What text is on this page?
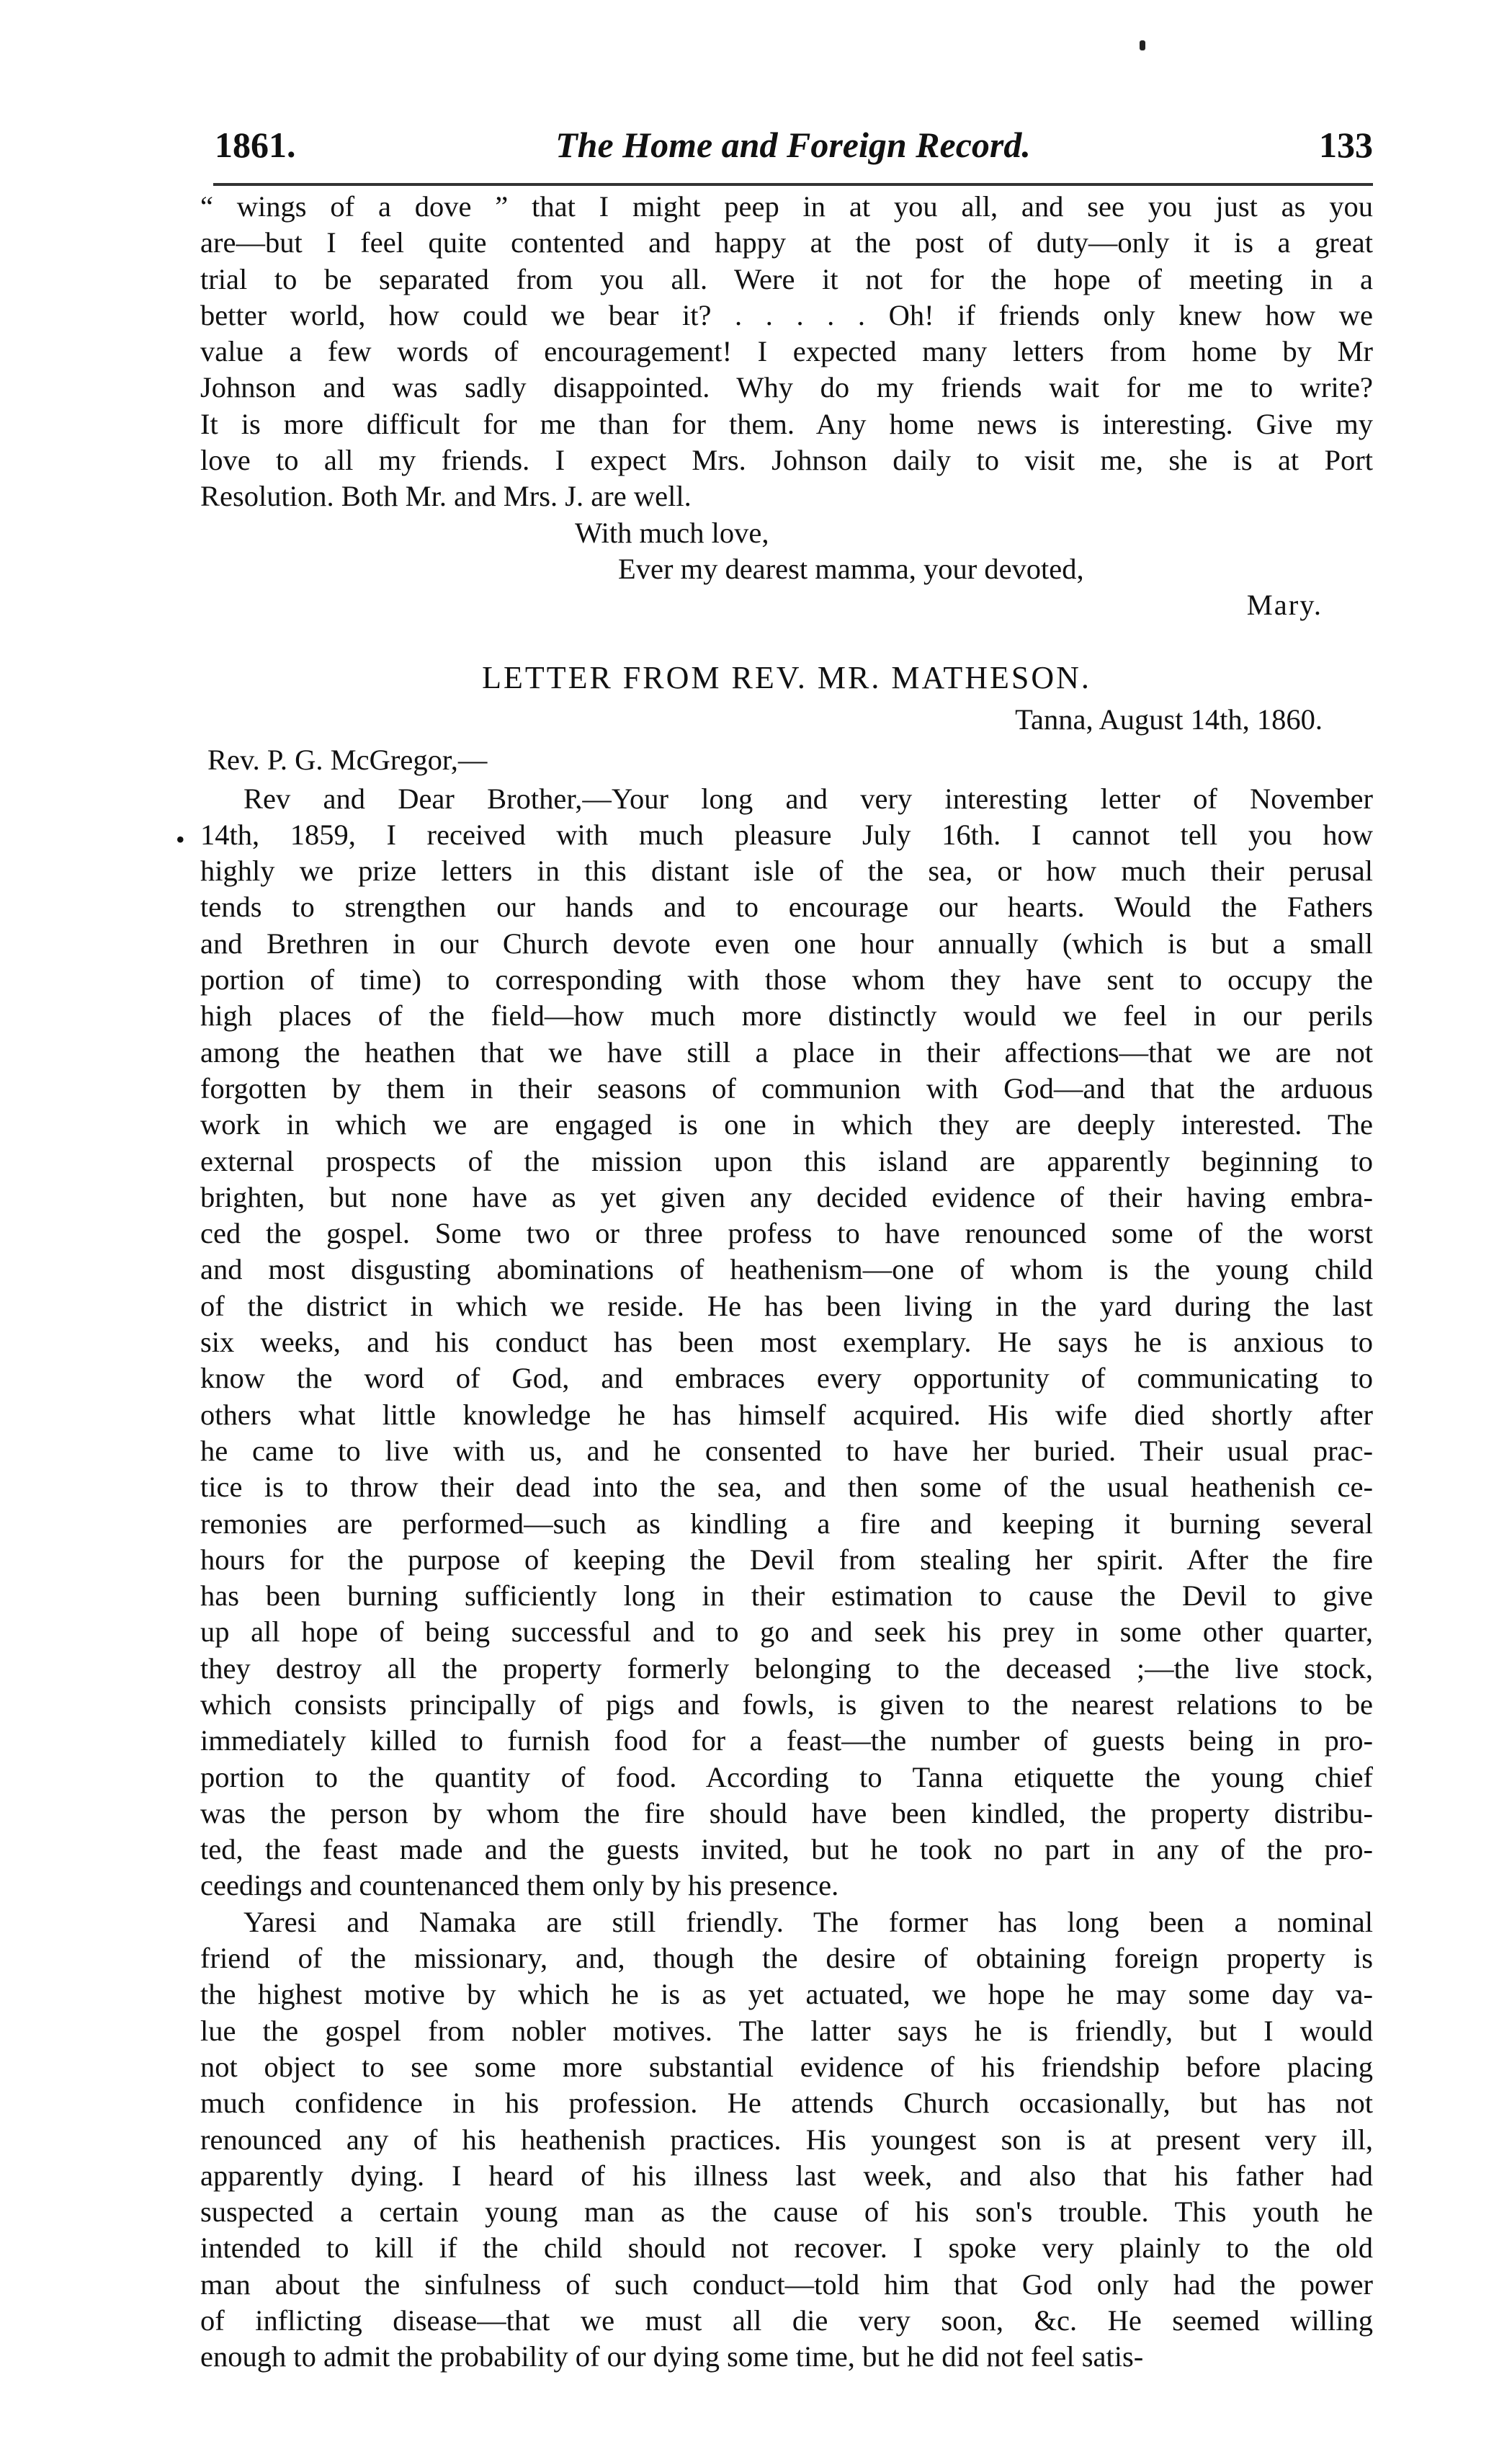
1861.	The Home and Foreign Record.	133
•
“ wings of a dove ” that I might peep in at you all, and see you just as you
are—but I feel quite contented and happy at the post of duty—only it is a great
trial to be separated from you all. Were it not for the hope of meeting in a
better world, how could we bear it? . . . . . Oh! if friends only knew how we
value a few words of encouragement! I expected many letters from home by Mr
Johnson and was sadly disappointed. Why do my friends wait for me to write?
It is more difficult for me than for them. Any home news is interesting. Give my
love to all my friends. I expect Mrs. Johnson daily to visit me, she is at Port
Resolution. Both Mr. and Mrs. J. are well.
With much love,
Ever my dearest mamma, your devoted,
Mary.
LETTER FROM REV. MR. MATHESON.
Tanna, August 14th, 1860.
Rev. P. G. McGregor,—
Rev and Dear Brother,—Your long and very interesting letter of November
14th, 1859, I received with much pleasure July 16th. I cannot tell you how
highly we prize letters in this distant isle of the sea, or how much their perusal
tends to strengthen our hands and to encourage our hearts. Would the Fathers
and Brethren in our Church devote even one hour annually (which is but a small
portion of time) to corresponding with those whom they have sent to occupy the
high places of the field—how much more distinctly would we feel in our perils
among the heathen that we have still a place in their affections—that we are not
forgotten by them in their seasons of communion with God—and that the arduous
work in which we are engaged is one in which they are deeply interested. The
external prospects of the mission upon this island are apparently beginning to
brighten, but none have as yet given any decided evidence of their having embra-
ced the gospel. Some two or three profess to have renounced some of the worst
and most disgusting abominations of heathenism—one of whom is the young child
of the district in which we reside. He has been living in the yard during the last
six weeks, and his conduct has been most exemplary. He says he is anxious to
know the word of God, and embraces every opportunity of communicating to
others what little knowledge he has himself acquired. His wife died shortly after
he came to live with us, and he consented to have her buried. Their usual prac-
tice is to throw their dead into the sea, and then some of the usual heathenish ce-
remonies are performed—such as kindling a fire and keeping it burning several
hours for the purpose of keeping the Devil from stealing her spirit. After the fire
has been burning sufficiently long in their estimation to cause the Devil to give
up all hope of being successful and to go and seek his prey in some other quarter,
they destroy all the property formerly belonging to the deceased ;—the live stock,
which consists principally of pigs and fowls, is given to the nearest relations to be
immediately killed to furnish food for a feast—the number of guests being in pro-
portion to the quantity of food. According to Tanna etiquette the young chief
was the person by whom the fire should have been kindled, the property distribu-
ted, the feast made and the guests invited, but he took no part in any of the pro-
ceedings and countenanced them only by his presence.
Yaresi and Namaka are still friendly. The former has long been a nominal
friend of the missionary, and, though the desire of obtaining foreign property is
the highest motive by which he is as yet actuated, we hope he may some day va-
lue the gospel from nobler motives. The latter says he is friendly, but I would
not object to see some more substantial evidence of his friendship before placing
much confidence in his profession. He attends Church occasionally, but has not
renounced any of his heathenish practices. His youngest son is at present very ill,
apparently dying. I heard of his illness last week, and also that his father had
suspected a certain young man as the cause of his son's trouble. This youth he
intended to kill if the child should not recover. I spoke very plainly to the old
man about the sinfulness of such conduct—told him that God only had the power
of inflicting disease—that we must all die very soon, &c. He seemed willing
enough to admit the probability of our dying some time, but he did not feel satis-
